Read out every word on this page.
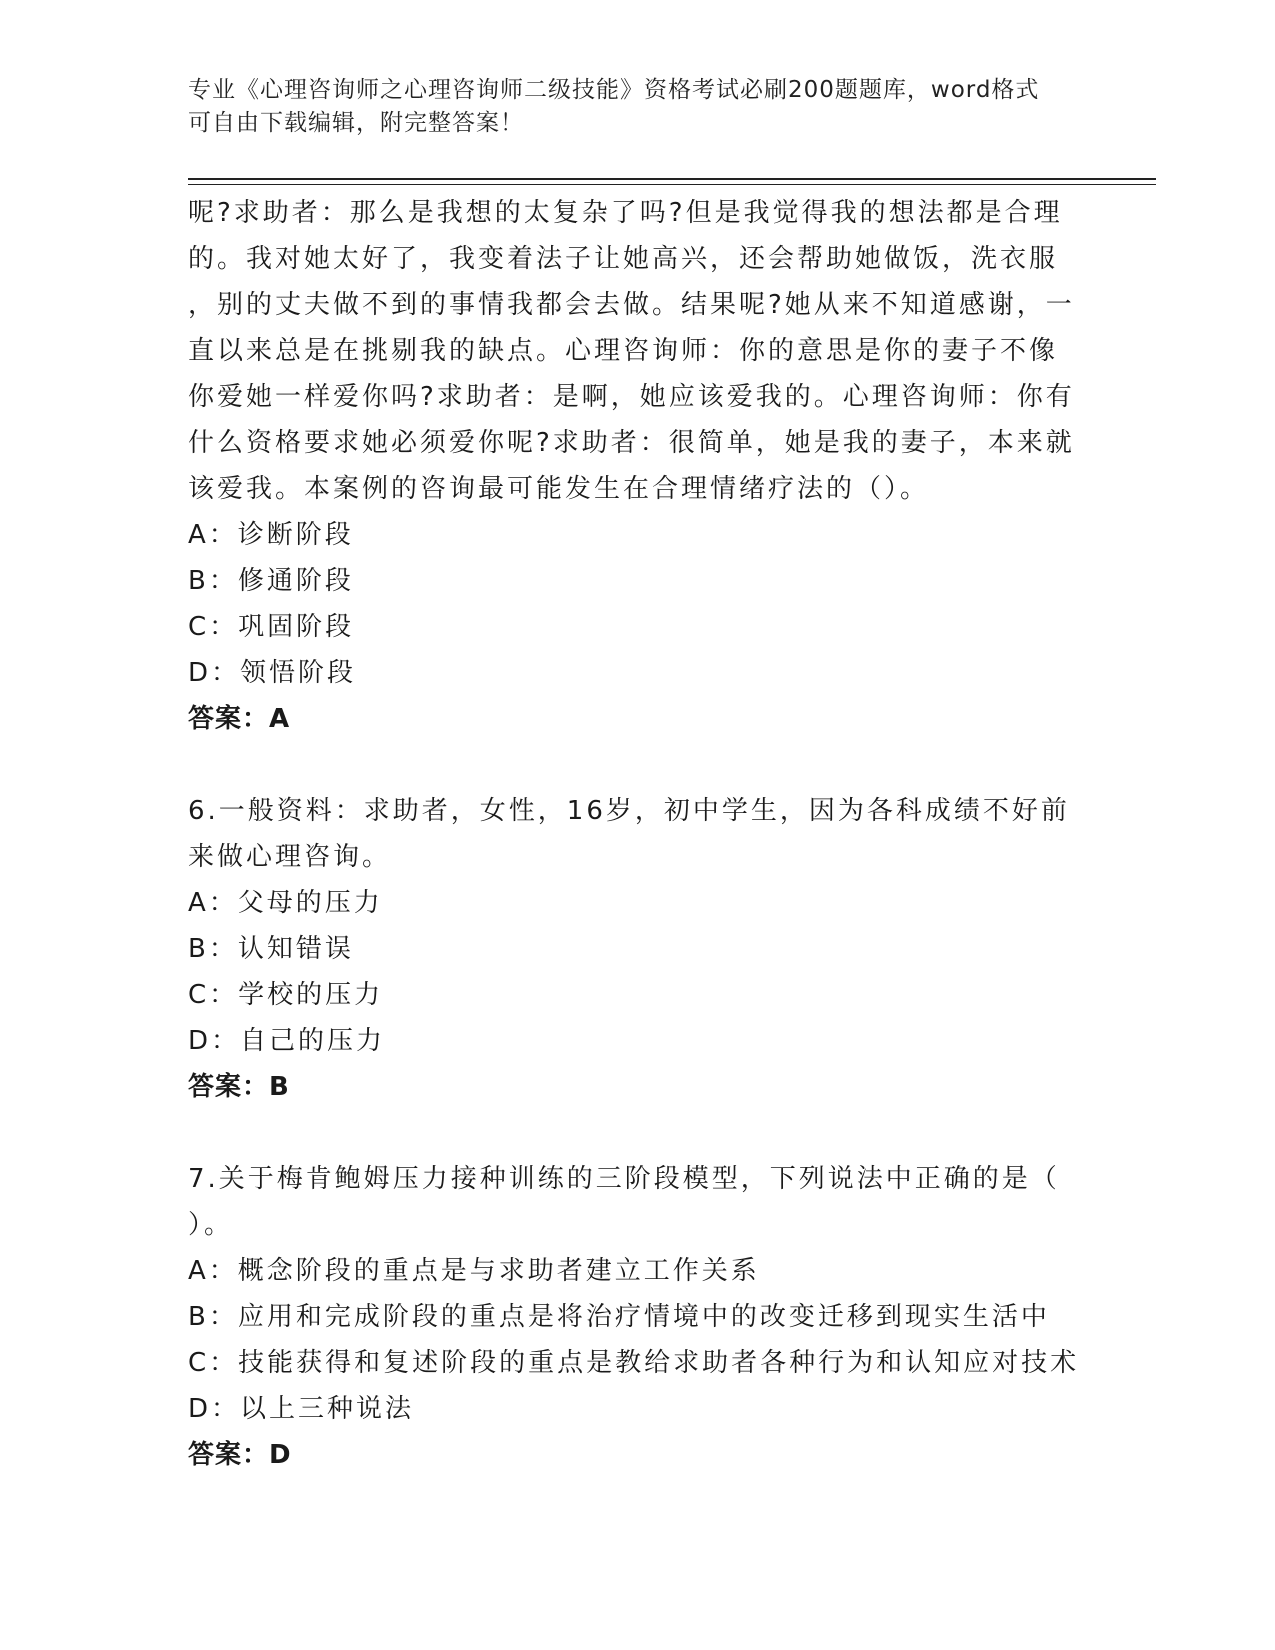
专业《心理咨询师之心理咨询师二级技能》资格考试必刷200题题库，word格式
可自由下载编辑，附完整答案！
呢?求助者：那么是我想的太复杂了吗?但是我觉得我的想法都是合理
的。我对她太好了，我变着法子让她高兴，还会帮助她做饭，洗衣服
，别的丈夫做不到的事情我都会去做。结果呢?她从来不知道感谢，一
直以来总是在挑剔我的缺点。心理咨询师：你的意思是你的妻子不像
你爱她一样爱你吗?求助者：是啊，她应该爱我的。心理咨询师：你有
什么资格要求她必须爱你呢?求助者：很简单，她是我的妻子，本来就
该爱我。本案例的咨询最可能发生在合理情绪疗法的（）。
A：诊断阶段
B：修通阶段
C：巩固阶段
D：领悟阶段
答案：A
6.一般资料：求助者，女性，16岁，初中学生，因为各科成绩不好前
来做心理咨询。
A：父母的压力
B：认知错误
C：学校的压力
D：自己的压力
答案：B
7.关于梅肯鲍姆压力接种训练的三阶段模型，下列说法中正确的是（
）。
A：概念阶段的重点是与求助者建立工作关系
B：应用和完成阶段的重点是将治疗情境中的改变迁移到现实生活中
C：技能获得和复述阶段的重点是教给求助者各种行为和认知应对技术
D：以上三种说法
答案：D
